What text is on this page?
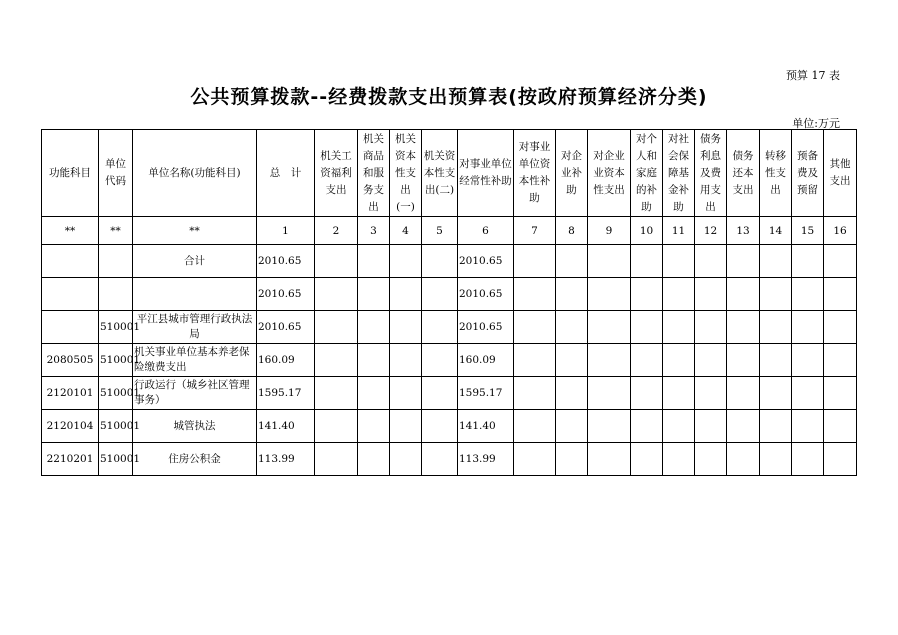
预算 17 表
公共预算拨款--经费拨款支出预算表(按政府预算经济分类)
单位:万元
功能科目	单位代码	单位名称(功能科目)	总　计	机关工资福利支出	机关商品和服务支出	机关资本性支出(一)	机关资本性支出(二)	对事业单位经常性补助	对事业单位资本性补助	对企业补助	对企业业资本性支出	对个人和家庭的补助	对社会保障基金补助	债务利息及费用支出	债务还本支出	转移性支出	预备费及预留	其他支出
**	**	**	1	2	3	4	5	6	7	8	9	10	11	12	13	14	15	16
		合计	2010.65					2010.65										
			2010.65					2010.65										
	510001	平江县城市管理行政执法局	2010.65					2010.65										
2080505	510001	机关事业单位基本养老保险缴费支出	160.09					160.09										
2120101	510001	行政运行（城乡社区管理事务）	1595.17					1595.17										
2120104	510001	城管执法	141.40					141.40										
2210201	510001	住房公积金	113.99					113.99										
